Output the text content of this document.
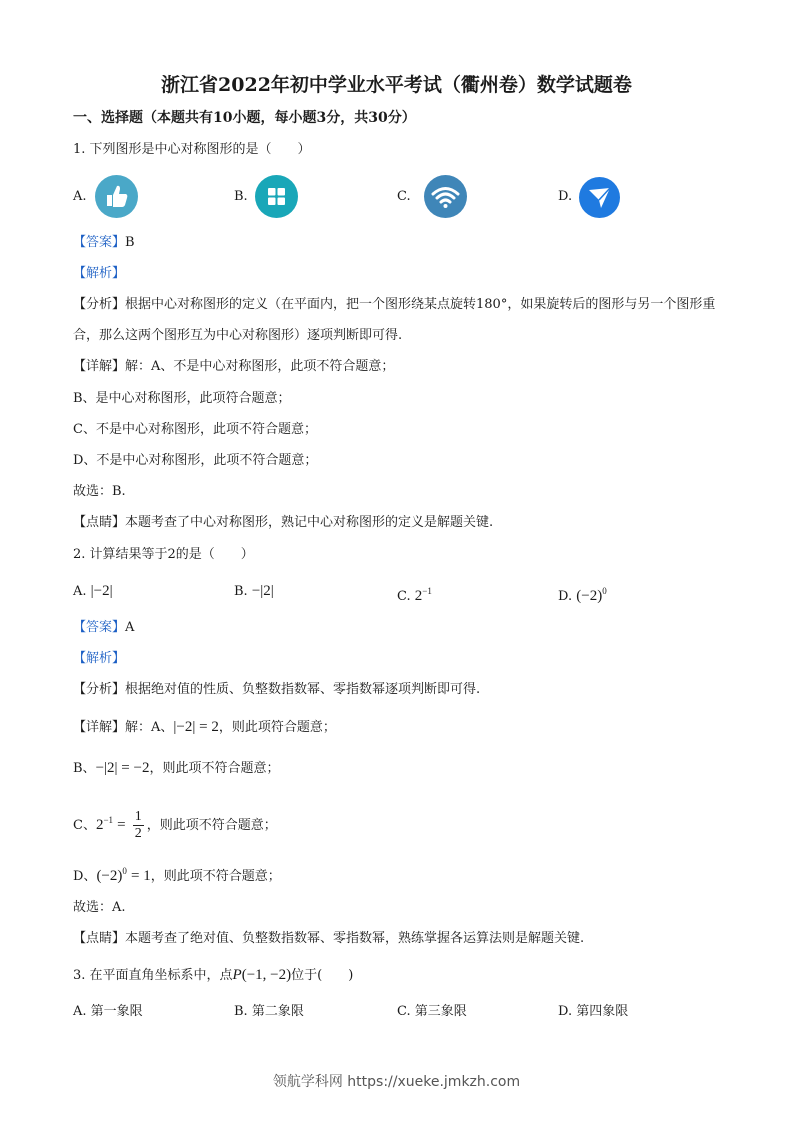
浙江省2022年初中学业水平考试（衢州卷）数学试题卷
一、选择题（本题共有10小题，每小题3分，共30分）
1. 下列图形是中心对称图形的是（　　）
A.	B.	C.	D.
【答案】B
【解析】
【分析】根据中心对称图形的定义（在平面内，把一个图形绕某点旋转180°，如果旋转后的图形与另一个图形重合，那么这两个图形互为中心对称图形）逐项判断即可得.
【详解】解：A、不是中心对称图形，此项不符合题意；
B、是中心对称图形，此项符合题意；
C、不是中心对称图形，此项不符合题意；
D、不是中心对称图形，此项不符合题意；
故选：B.
【点睛】本题考查了中心对称图形，熟记中心对称图形的定义是解题关键.
2. 计算结果等于2的是（　　）
A. |−2|	B. −|2|	C. $2^{-1}$	D. $(-2)^0$
【答案】A
【解析】
【分析】根据绝对值的性质、负整数指数幂、零指数幂逐项判断即可得.
【详解】解：A、|−2| = 2，则此项符合题意；
B、−|2| = −2，则此项不符合题意；
C、$2^{-1} = \frac{1}{2}$ ，则此项不符合题意；
D、$(-2)^0 = 1$，则此项不符合题意；
故选：A.
【点睛】本题考查了绝对值、负整数指数幂、零指数幂，熟练掌握各运算法则是解题关键.
3. 在平面直角坐标系中，点P(−1, −2)位于(　　)
A. 第一象限	B. 第二象限	C. 第三象限	D. 第四象限
领航学科网 https://xueke.jmkzh.com
